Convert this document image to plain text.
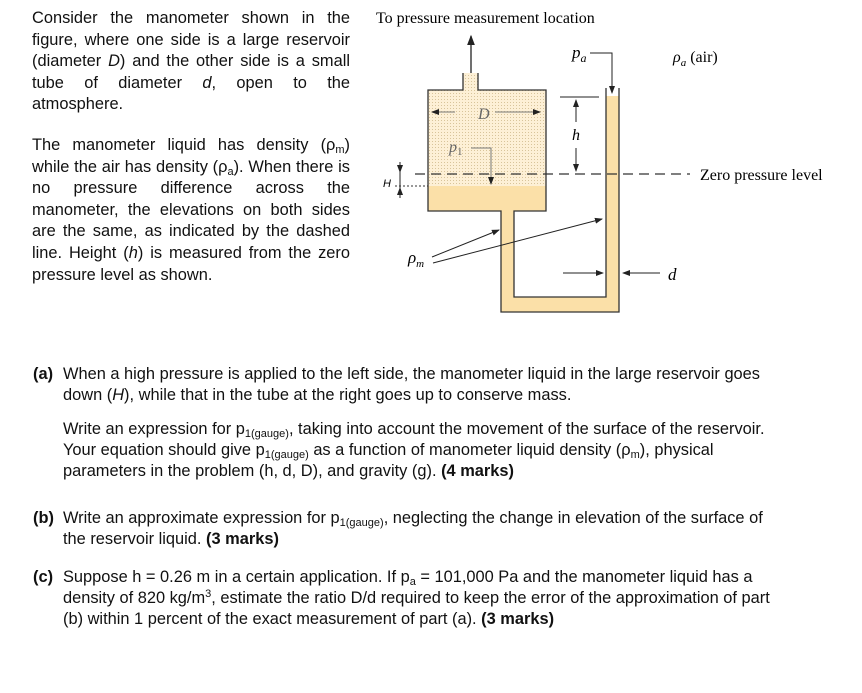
Consider the manometer shown in the figure, where one side is a large reservoir (diameter D) and the other side is a small tube of diameter d, open to the atmosphere.

The manometer liquid has density $(\rho_m)$ while the air has density $(\rho_a)$. When there is no pressure difference across the manometer, the elevations on both sides are the same, as indicated by the dashed line. Height (h) is measured from the zero pressure level as shown.

To pressure measurement location
D
p1
Zero pressure level
H
h
$p_a$	$\rho_a$ (air)
$\rho_m$
d
(a) When a high pressure is applied to the left side, the manometer liquid in the large reservoir goes down (H), while that in the tube at the right goes up to conserve mass.
Write an expression for $p_{1(gauge)}$, taking into account the movement of the surface of the reservoir. Your equation should give $p_{1(gauge)}$ as a function of manometer liquid density $(\rho_m)$, physical parameters in the problem (h, d, D), and gravity (g). (4 marks)
(b) Write an approximate expression for $p_{1(gauge)}$, neglecting the change in elevation of the surface of the reservoir liquid. (3 marks)
(c) Suppose h = 0.26 m in a certain application. If $p_a = 101,000$ Pa and the manometer liquid has a density of 820 $kg/m^3$, estimate the ratio D/d required to keep the error of the approximation of part (b) within 1 percent of the exact measurement of part (a). (3 marks)
